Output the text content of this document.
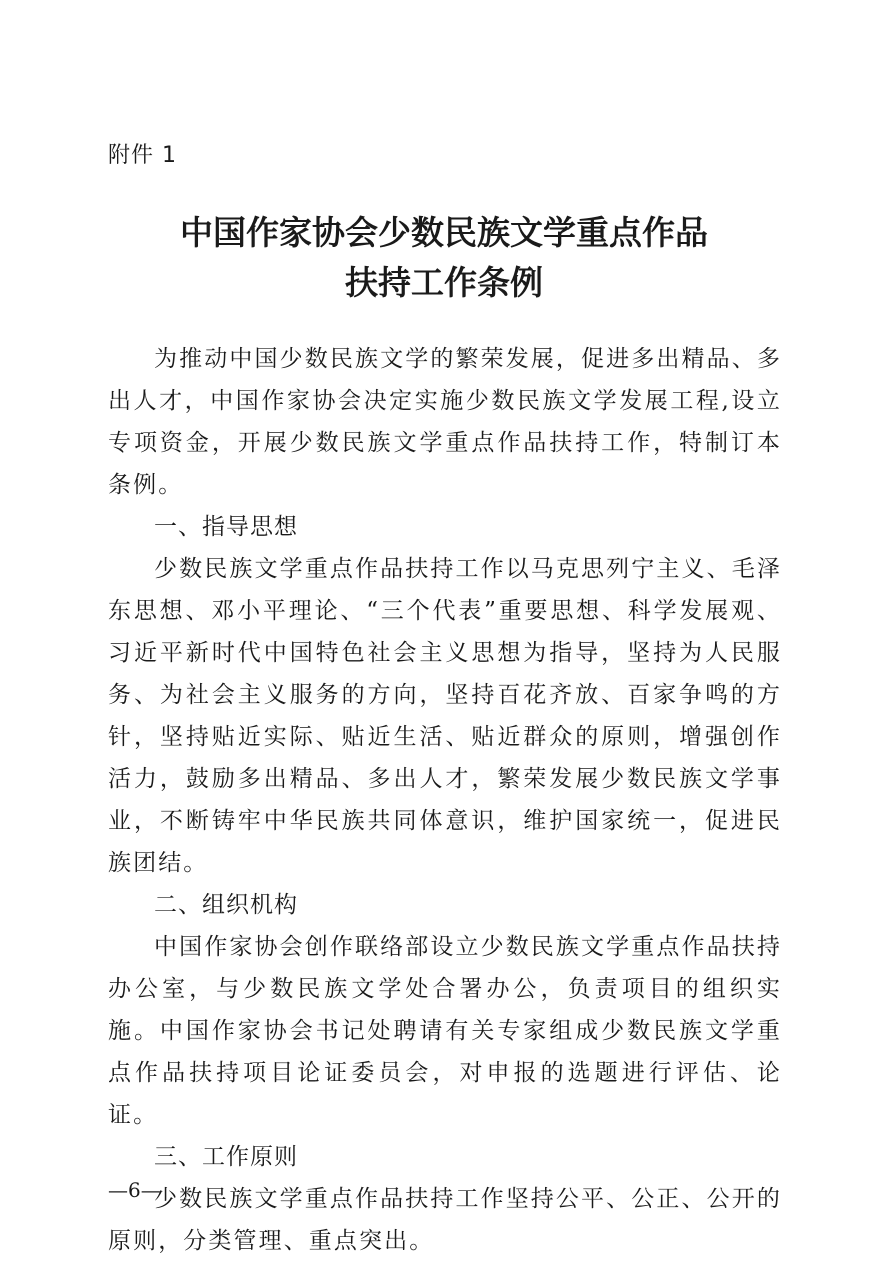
附件 1
中国作家协会少数民族文学重点作品
扶持工作条例

为推动中国少数民族文学的繁荣发展，促进多出精品、多出人才，中国作家协会决定实施少数民族文学发展工程,设立专项资金，开展少数民族文学重点作品扶持工作，特制订本条例。

一、指导思想

少数民族文学重点作品扶持工作以马克思列宁主义、毛泽东思想、邓小平理论、“三个代表”重要思想、科学发展观、习近平新时代中国特色社会主义思想为指导，坚持为人民服务、为社会主义服务的方向，坚持百花齐放、百家争鸣的方针，坚持贴近实际、贴近生活、贴近群众的原则，增强创作活力，鼓励多出精品、多出人才，繁荣发展少数民族文学事业，不断铸牢中华民族共同体意识，维护国家统一，促进民族团结。

二、组织机构

中国作家协会创作联络部设立少数民族文学重点作品扶持办公室，与少数民族文学处合署办公，负责项目的组织实施。中国作家协会书记处聘请有关专家组成少数民族文学重点作品扶持项目论证委员会，对申报的选题进行评估、论证。

三、工作原则

少数民族文学重点作品扶持工作坚持公平、公正、公开的原则，分类管理、重点突出。

—6—
